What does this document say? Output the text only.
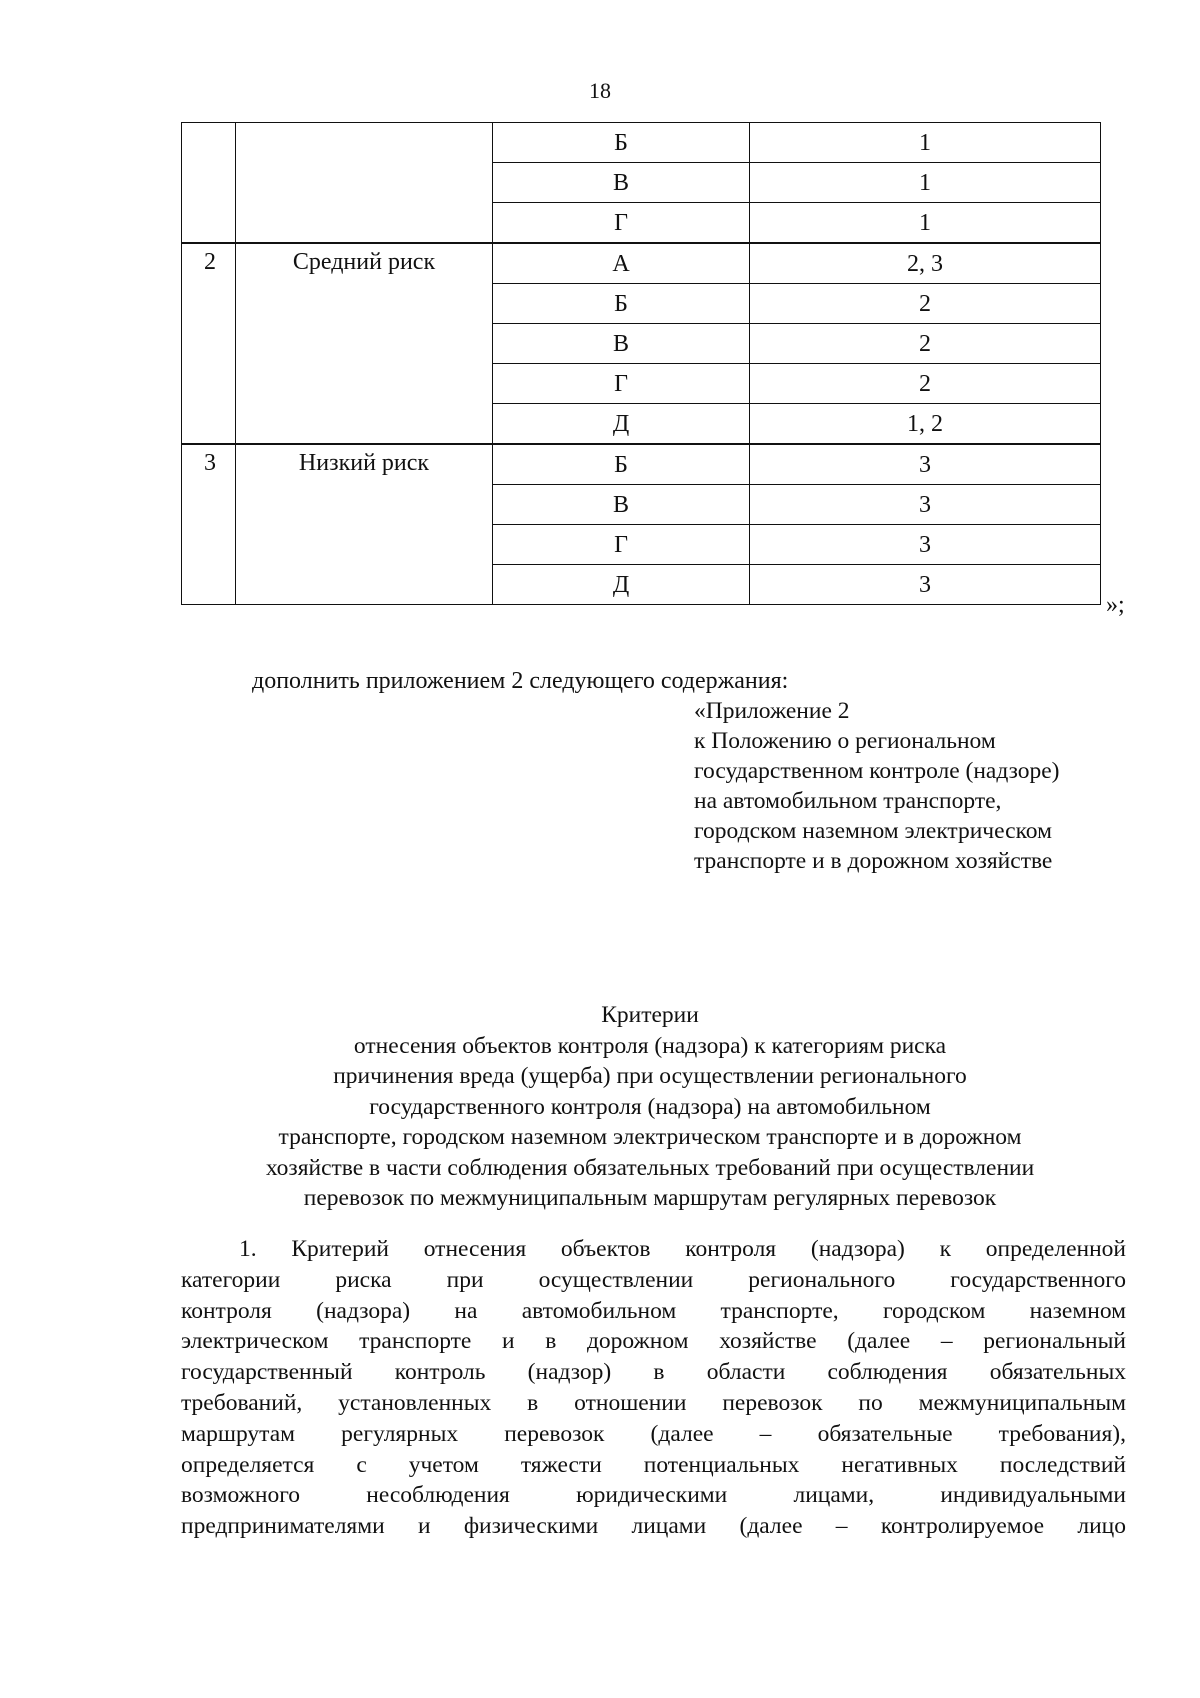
18
		Б	1
		В	1
		Г	1
2	Средний риск	А	2, 3
		Б	2
		В	2
		Г	2
		Д	1, 2
3	Низкий риск	Б	3
		В	3
		Г	3
		Д	3
»;
дополнить приложением 2 следующего содержания:
«Приложение 2
к Положению о региональном
государственном контроле (надзоре)
на автомобильном транспорте,
городском наземном электрическом
транспорте и в дорожном хозяйстве
Критерии
отнесения объектов контроля (надзора) к категориям риска
причинения вреда (ущерба) при осуществлении регионального
государственного контроля (надзора) на автомобильном
транспорте, городском наземном электрическом транспорте и в дорожном
хозяйстве в части соблюдения обязательных требований при осуществлении
перевозок по межмуниципальным маршрутам регулярных перевозок
1. Критерий отнесения объектов контроля (надзора) к определенной
категории риска при осуществлении регионального государственного
контроля (надзора) на автомобильном транспорте, городском наземном
электрическом транспорте и в дорожном хозяйстве (далее – региональный
государственный контроль (надзор) в области соблюдения обязательных
требований, установленных в отношении перевозок по межмуниципальным
маршрутам регулярных перевозок (далее – обязательные требования),
определяется с учетом тяжести потенциальных негативных последствий
возможного несоблюдения юридическими лицами, индивидуальными
предпринимателями и физическими лицами (далее – контролируемое лицо
